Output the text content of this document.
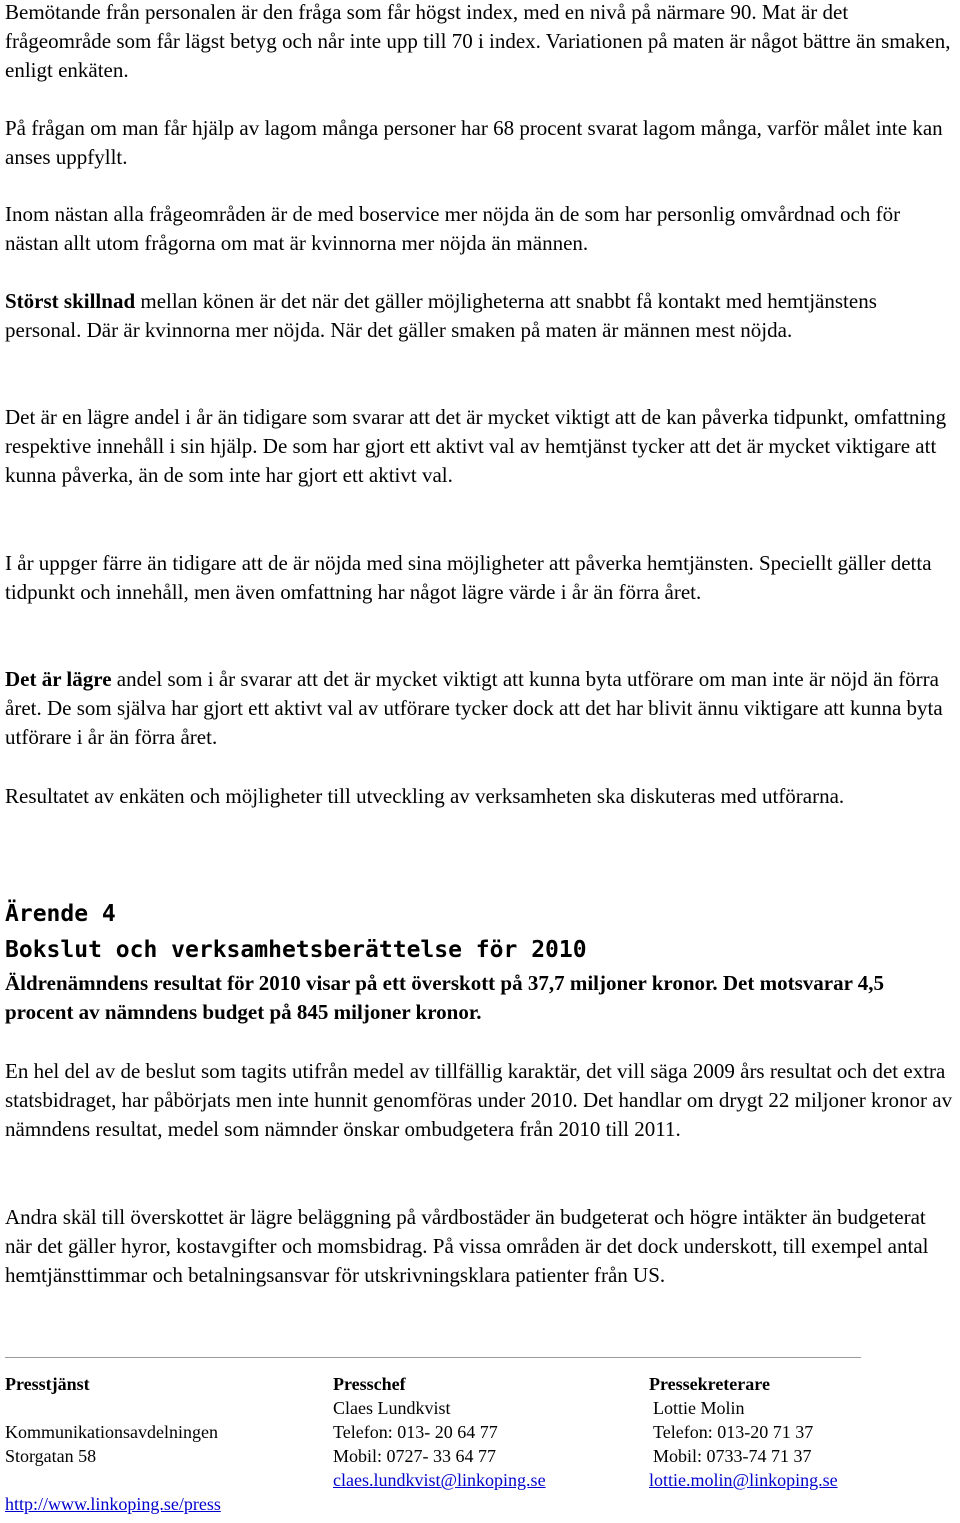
Bemötande från personalen är den fråga som får högst index, med en nivå på närmare 90. Mat är det frågeområde som får lägst betyg och når inte upp till 70 i index. Variationen på maten är något bättre än smaken, enligt enkäten.

På frågan om man får hjälp av lagom många personer har 68 procent svarat lagom många, varför målet inte kan anses uppfyllt.

Inom nästan alla frågeområden är de med boservice mer nöjda än de som har personlig omvårdnad och för nästan allt utom frågorna om mat är kvinnorna mer nöjda än männen.

Störst skillnad mellan könen är det när det gäller möjligheterna att snabbt få kontakt med hemtjänstens personal. Där är kvinnorna mer nöjda. När det gäller smaken på maten är männen mest nöjda.

Det är en lägre andel i år än tidigare som svarar att det är mycket viktigt att de kan påverka tidpunkt, omfattning respektive innehåll i sin hjälp. De som har gjort ett aktivt val av hemtjänst tycker att det är mycket viktigare att kunna påverka, än de som inte har gjort ett aktivt val.

I år uppger färre än tidigare att de är nöjda med sina möjligheter att påverka hemtjänsten. Speciellt gäller detta tidpunkt och innehåll, men även omfattning har något lägre värde i år än förra året.

Det är lägre andel som i år svarar att det är mycket viktigt att kunna byta utförare om man inte är nöjd än förra året. De som själva har gjort ett aktivt val av utförare tycker dock att det har blivit ännu viktigare att kunna byta utförare i år än förra året.

Resultatet av enkäten och möjligheter till utveckling av verksamheten ska diskuteras med utförarna.

Ärende 4
Bokslut och verksamhetsberättelse för 2010

Äldrenämndens resultat för 2010 visar på ett överskott på 37,7 miljoner kronor. Det motsvarar 4,5 procent av nämndens budget på 845 miljoner kronor.

En hel del av de beslut som tagits utifrån medel av tillfällig karaktär, det vill säga 2009 års resultat och det extra statsbidraget, har påbörjats men inte hunnit genomföras under 2010. Det handlar om drygt 22 miljoner kronor av nämndens resultat, medel som nämnder önskar ombudgetera från 2010 till 2011.

Andra skäl till överskottet är lägre beläggning på vårdbostäder än budgeterat och högre intäkter än budgeterat när det gäller hyror, kostavgifter och momsbidrag. På vissa områden är det dock underskott, till exempel antal hemtjänsttimmar och betalningsansvar för utskrivningsklara patienter från US.

Presstjänst
Kommunikationsavdelningen
Storgatan 58
http://www.linkoping.se/press
Presschef
Claes Lundkvist
Telefon: 013- 20 64 77
Mobil: 0727- 33 64 77
claes.lundkvist@linkoping.se
Pressekreterare
Lottie Molin
Telefon: 013-20 71 37
Mobil: 0733-74 71 37
lottie.molin@linkoping.se
